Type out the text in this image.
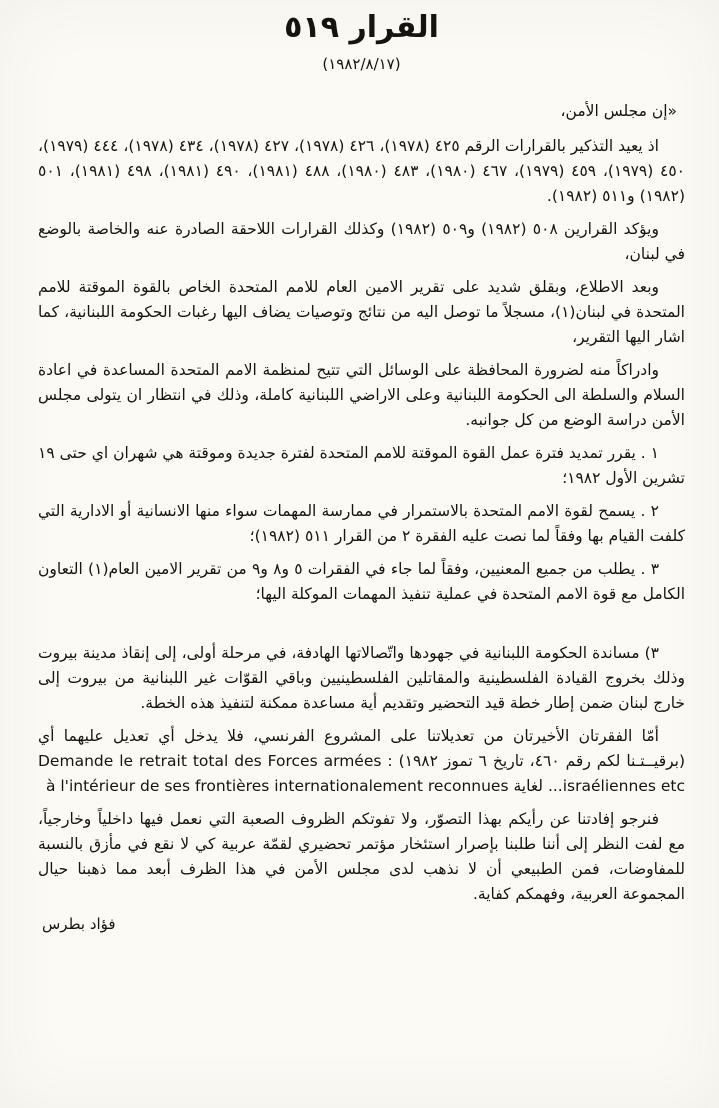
القرار ٥١٩
(١٩٨٢/٨/١٧)

«إن مجلس الأمن،

اذ يعيد التذكير بالقرارات الرقم ٤٢٥ (١٩٧٨)، ٤٢٦ (١٩٧٨)، ٤٢٧ (١٩٧٨)، ٤٣٤ (١٩٧٨)، ٤٤٤ (١٩٧٩)، ٤٥٠ (١٩٧٩)، ٤٥٩ (١٩٧٩)، ٤٦٧ (١٩٨٠)، ٤٨٣ (١٩٨٠)، ٤٨٨ (١٩٨١)، ٤٩٠ (١٩٨١)، ٤٩٨ (١٩٨١)، ٥٠١ (١٩٨٢) و٥١١ (١٩٨٢).

ويؤكد القرارين ٥٠٨ (١٩٨٢) و٥٠٩ (١٩٨٢) وكذلك القرارات اللاحقة الصادرة عنه والخاصة بالوضع في لبنان،

وبعد الاطلاع، وبقلق شديد على تقرير الامين العام للامم المتحدة الخاص بالقوة الموقتة للامم المتحدة في لبنان(١)، مسجلاً ما توصل اليه من نتائج وتوصيات يضاف اليها رغبات الحكومة اللبنانية، كما اشار اليها التقرير،

وادراكاً منه لضرورة المحافظة على الوسائل التي تتيح لمنظمة الامم المتحدة المساعدة في اعادة السلام والسلطة الى الحكومة اللبنانية وعلى الاراضي اللبنانية كاملة، وذلك في انتظار ان يتولى مجلس الأمن دراسة الوضع من كل جوانبه.

١ . يقرر تمديد فترة عمل القوة الموقتة للامم المتحدة لفترة جديدة وموقتة هي شهران اي حتى ١٩ تشرين الأول ١٩٨٢؛

٢ . يسمح لقوة الامم المتحدة بالاستمرار في ممارسة المهمات سواء منها الانسانية أو الادارية التي كلفت القيام بها وفقاً لما نصت عليه الفقرة ٢ من القرار ٥١١ (١٩٨٢)؛

٣ . يطلب من جميع المعنيين، وفقاً لما جاء في الفقرات ٥ و٨ و٩ من تقرير الامين العام(١) التعاون الكامل مع قوة الامم المتحدة في عملية تنفيذ المهمات الموكلة اليها؛

٣) مساندة الحكومة اللبنانية في جهودها واتّصالاتها الهادفة، في مرحلة أولى، إلى إنقاذ مدينة بيروت وذلك بخروج القيادة الفلسطينية والمقاتلين الفلسطينيين وباقي القوّات غير اللبنانية من بيروت إلى خارج لبنان ضمن إطار خطة قيد التحضير وتقديم أية مساعدة ممكنة لتنفيذ هذه الخطة.

أمّا الفقرتان الأخيرتان من تعديلاتنا على المشروع الفرنسي، فلا يدخل أي تعديل عليهما أي (برقيــتـنا لكم رقم ٤٦٠، تاريخ ٦ تموز ١٩٨٢) : Demande le retrait total des Forces armées israéliennes etc... لغاية à l'intérieur de ses frontières internationalement reconnues

فنرجو إفادتنا عن رأيكم بهذا التصوّر، ولا تفوتكم الظروف الصعبة التي نعمل فيها داخلياً وخارجياً، مع لفت النظر إلى أننا طلبنا بإصرار استئخار مؤتمر تحضيري لقمّة عربية كي لا نقع في مأزق بالنسبة للمفاوضات، فمن الطبيعي أن لا نذهب لدى مجلس الأمن في هذا الظرف أبعد مما ذهبنا حيال المجموعة العربية، وفهمكم كفاية.

فؤاد بطرس
